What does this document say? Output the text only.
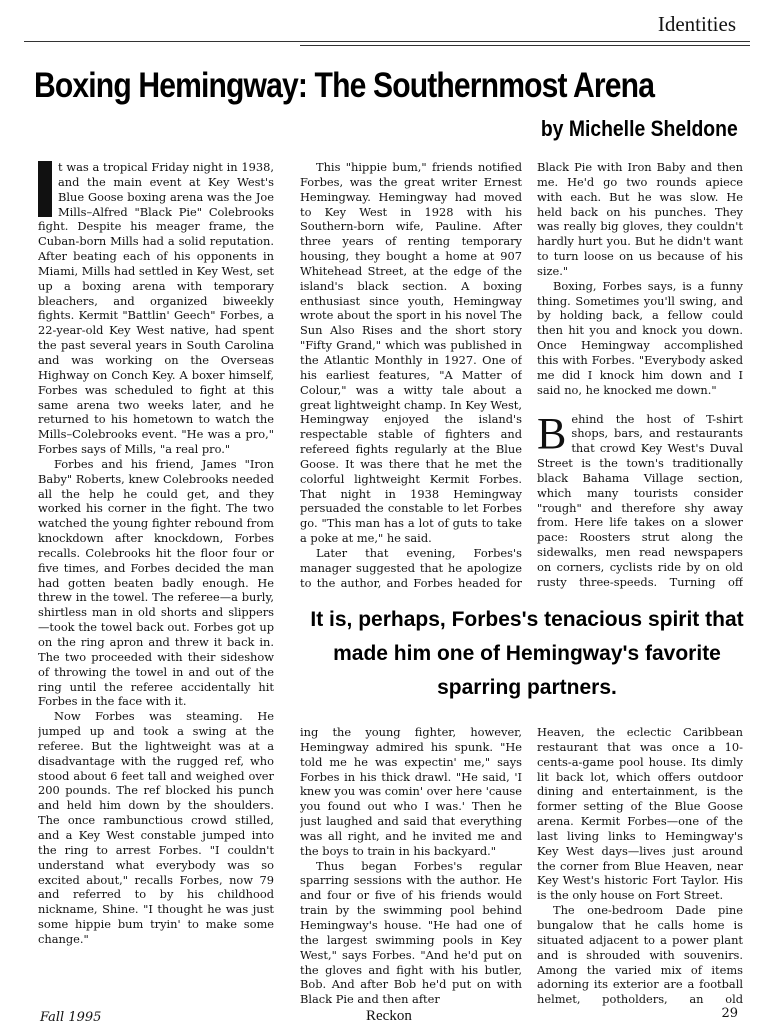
Identities
Boxing Hemingway: The Southernmost Arena
by Michelle Sheldone

t was a tropical Friday night in 1938, and the main event at Key West's Blue Goose boxing arena was the Joe Mills–Alfred "Black Pie" Colebrooks fight. Despite his meager frame, the Cuban-born Mills had a solid reputation. After beating each of his opponents in Miami, Mills had settled in Key West, set up a boxing arena with temporary bleachers, and organized biweekly fights. Kermit "Battlin' Geech" Forbes, a 22-year-old Key West native, had spent the past several years in South Carolina and was working on the Overseas Highway on Conch Key. A boxer himself, Forbes was scheduled to fight at this same arena two weeks later, and he returned to his hometown to watch the Mills–Colebrooks event. "He was a pro," Forbes says of Mills, "a real pro."

Forbes and his friend, James "Iron Baby" Roberts, knew Colebrooks needed all the help he could get, and they worked his corner in the fight. The two watched the young fighter rebound from knockdown after knockdown, Forbes recalls. Colebrooks hit the floor four or five times, and Forbes decided the man had gotten beaten badly enough. He threw in the towel. The referee—a burly, shirtless man in old shorts and slippers—took the towel back out. Forbes got up on the ring apron and threw it back in. The two proceeded with their sideshow of throwing the towel in and out of the ring until the referee accidentally hit Forbes in the face with it.

Now Forbes was steaming. He jumped up and took a swing at the referee. But the lightweight was at a disadvantage with the rugged ref, who stood about 6 feet tall and weighed over 200 pounds. The ref blocked his punch and held him down by the shoulders. The once rambunctious crowd stilled, and a Key West constable jumped into the ring to arrest Forbes. "I couldn't understand what everybody was so excited about," recalls Forbes, now 79 and referred to by his childhood nickname, Shine. "I thought he was just some hippie bum tryin' to make some change."

This "hippie bum," friends notified Forbes, was the great writer Ernest Hemingway. Hemingway had moved to Key West in 1928 with his Southern-born wife, Pauline. After three years of renting temporary housing, they bought a home at 907 Whitehead Street, at the edge of the island's black section. A boxing enthusiast since youth, Hemingway wrote about the sport in his novel The Sun Also Rises and the short story "Fifty Grand," which was published in the Atlantic Monthly in 1927. One of his earliest features, "A Matter of Colour," was a witty tale about a great lightweight champ. In Key West, Hemingway enjoyed the island's respectable stable of fighters and refereed fights regularly at the Blue Goose. It was there that he met the colorful lightweight Kermit Forbes. That night in 1938 Hemingway persuaded the constable to let Forbes go. "This man has a lot of guts to take a poke at me," he said.

Later that evening, Forbes's manager suggested that he apologize to the author, and Forbes headed for

Black Pie with Iron Baby and then me. He'd go two rounds apiece with each. But he was slow. He held back on his punches. They was really big gloves, they couldn't hardly hurt you. But he didn't want to turn loose on us because of his size."

Boxing, Forbes says, is a funny thing. Sometimes you'll swing, and by holding back, a fellow could then hit you and knock you down. Once Hemingway accomplished this with Forbes. "Everybody asked me did I knock him down and I said no, he knocked me down."

B ehind the host of T-shirt shops, bars, and restaurants that crowd Key West's Duval Street is the town's traditionally black Bahama Village section, which many tourists consider "rough" and therefore shy away from. Here life takes on a slower pace: Roosters strut along the sidewalks, men read newspapers on corners, cyclists ride by on old rusty three-speeds. Turning off

It is, perhaps, Forbes's tenacious spirit that made him one of Hemingway's favorite sparring partners.

ing the young fighter, however, Hemingway admired his spunk. "He told me he was expectin' me," says Forbes in his thick drawl. "He said, 'I knew you was comin' over here 'cause you found out who I was.' Then he just laughed and said that everything was all right, and he invited me and the boys to train in his backyard."

Thus began Forbes's regular sparring sessions with the author. He and four or five of his friends would train by the swimming pool behind Hemingway's house. "He had one of the largest swimming pools in Key West," says Forbes. "And he'd put on the gloves and fight with his butler, Bob. And after Bob he'd put on with Black Pie and then after

Heaven, the eclectic Caribbean restaurant that was once a 10-cents-a-game pool house. Its dimly lit back lot, which offers outdoor dining and entertainment, is the former setting of the Blue Goose arena. Kermit Forbes—one of the last living links to Hemingway's Key West days—lives just around the corner from Blue Heaven, near Key West's historic Fort Taylor. His is the only house on Fort Street.

The one-bedroom Dade pine bungalow that he calls home is situated adjacent to a power plant and is shrouded with souvenirs. Among the varied mix of items adorning its exterior are a football helmet, potholders, an old

Fall 1995	Reckon	29
